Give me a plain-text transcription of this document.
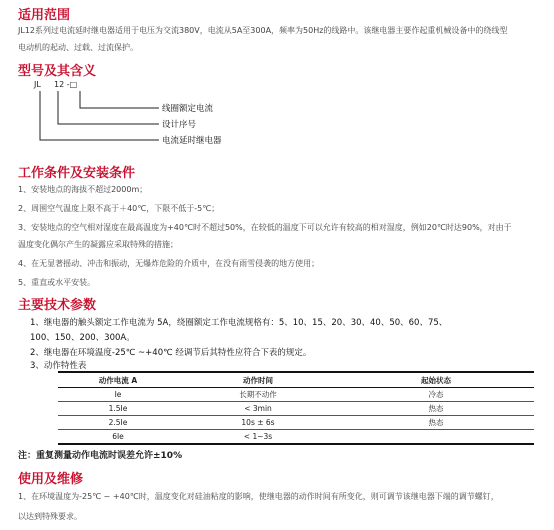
适用范围
JL12系列过电流延时继电器适用于电压为交流380V，电流从5A至300A，频率为50Hz的线路中。该继电器主要作起重机械设备中的绕线型
电动机的起动、过载、过流保护。
型号及其含义
JL 12 -□
线圈额定电流
设计序号
电流延时继电器
工作条件及安装条件
1、安装地点的海拔不超过2000m；
2、周围空气温度上限不高于＋40℃，下限不低于-5℃；
3、安装地点的空气相对湿度在最高温度为+40℃时不超过50%，在较低的温度下可以允许有较高的相对湿度，例如20℃时达90%，对由于
温度变化偶尔产生的凝露应采取特殊的措施；
4、在无显著摇动、冲击和振动，无爆炸危险的介质中，在没有雨雪侵袭的地方使用；
5、重直或水平安装。
主要技术参数
1、继电器的触头额定工作电流为 5A，绕圈额定工作电流规格有：5、10、15、20、30、40、50、60、75、
100、150、200、300A。
2、继电器在环境温度-25℃ ~+40℃ 经调节后其特性应符合下表的规定。
3、动作特性表
动作电流 A	动作时间	起始状态
Ie	长期不动作	冷态
1.5Ie	< 3min	热态
2.5Ie	10s ± 6s	热态
6Ie	< 1~3s	
注：重复测量动作电流时误差允许±10%
使用及维修
1、在环境温度为-25℃ ~ +40℃时，温度变化对硅油粘度的影响，使继电器的动作时间有所变化，则可调节该继电器下端的调节螺钉，
以达到特殊要求。
